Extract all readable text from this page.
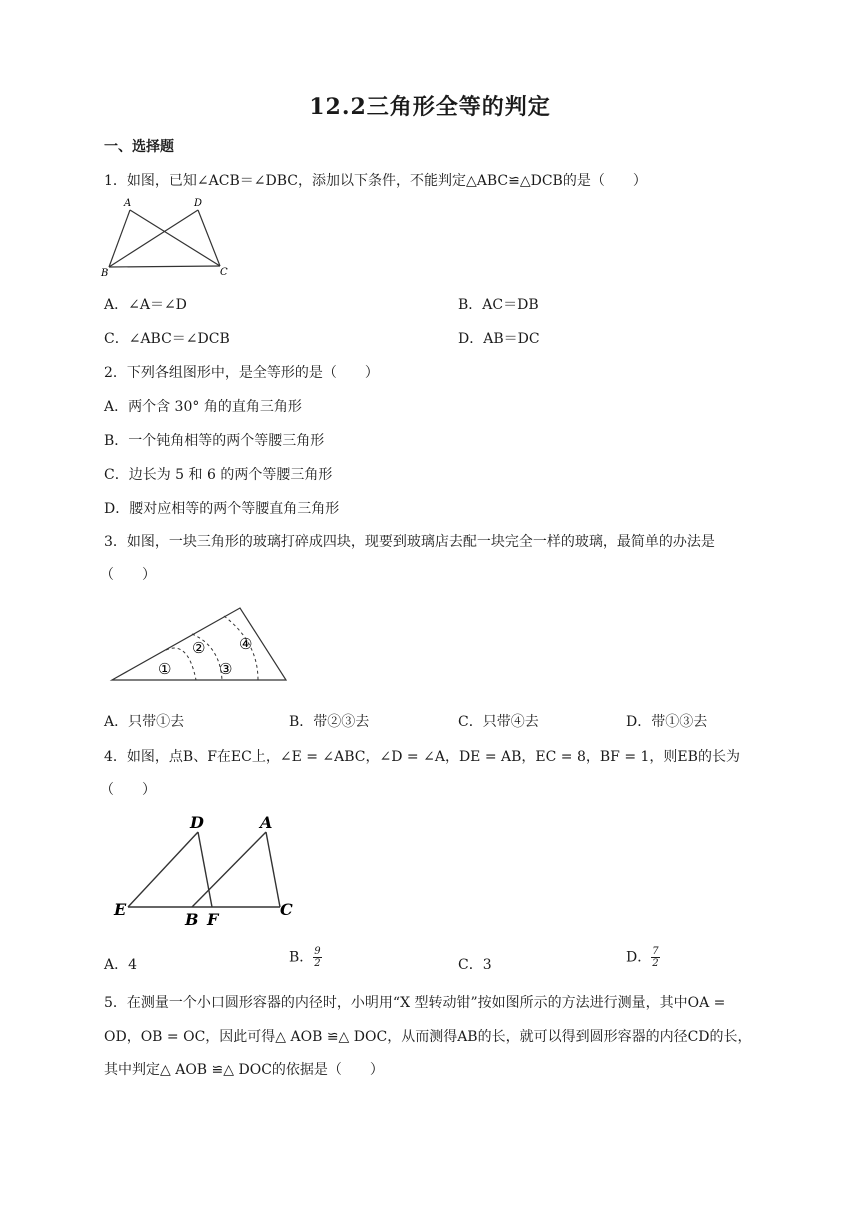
12.2三角形全等的判定
一、选择题
1．如图，已知∠ACB＝∠DBC，添加以下条件，不能判定△ABC≌△DCB的是（　　）
A	D
B	C
A．∠A＝∠D	B．AC＝DB
C．∠ABC＝∠DCB	D．AB＝DC
2．下列各组图形中，是全等形的是（　　）
A．两个含 30° 角的直角三角形
B．一个钝角相等的两个等腰三角形
C．边长为 5 和 6 的两个等腰三角形
D．腰对应相等的两个等腰直角三角形
3．如图，一块三角形的玻璃打碎成四块，现要到玻璃店去配一块完全一样的玻璃，最简单的办法是
（　　）
①
②
③
④
A．只带①去	B．带②③去	C．只带④去	D．带①③去
4．如图，点B、F在EC上，∠E = ∠ABC，∠D = ∠A，DE = AB，EC = 8，BF = 1，则EB的长为
（　　）
D	A
E
B F
C
A．4	B． $\frac{9}{2}$	C．3	D． $\frac{7}{2}$
5．在测量一个小口圆形容器的内径时，小明用“X 型转动钳”按如图所示的方法进行测量，其中OA =
OD，OB = OC，因此可得△ AOB ≌△ DOC，从而测得AB的长，就可以得到圆形容器的内径CD的长，
其中判定△ AOB ≌△ DOC的依据是（　　）
